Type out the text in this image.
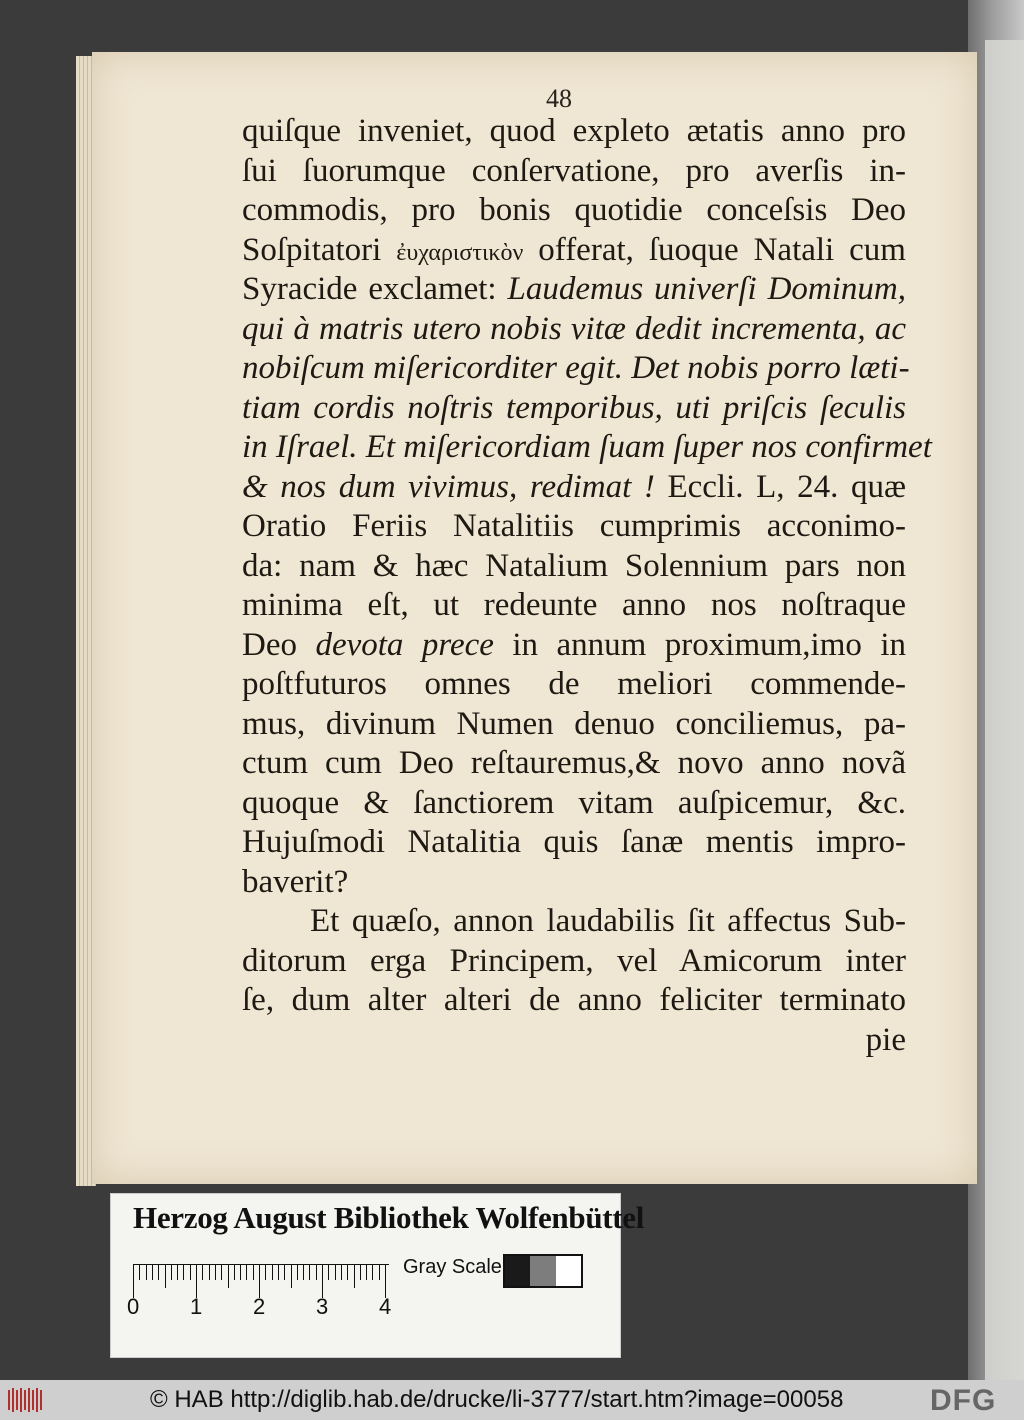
48
quiſque inveniet, quod expleto ætatis anno pro
ſui ſuorumque conſervatione, pro averſis in-
commodis, pro bonis quotidie conceſsis Deo
Soſpitatori ἐυχαριστικὸν offerat, ſuoque Natali cum
Syracide exclamet: Laudemus univerſi Dominum,
qui à matris utero nobis vitæ dedit incrementa, ac
nobiſcum miſericorditer egit. Det nobis porro læti-
tiam cordis noſtris temporibus, uti priſcis ſeculis
in Iſrael. Et miſericordiam ſuam ſuper nos confirmet
& nos dum vivimus, redimat ! Eccli. L, 24. quæ
Oratio Feriis Natalitiis cumprimis acconimo-
da: nam & hæc Natalium Solennium pars non
minima eſt, ut redeunte anno nos noſtraque
Deo devota prece in annum proximum,imo in
poſtfuturos omnes de meliori commende-
mus, divinum Numen denuo conciliemus, pa-
ctum cum Deo reſtauremus,& novo anno novã
quoque & ſanctiorem vitam auſpicemur, &c.
Hujuſmodi Natalitia quis ſanæ mentis impro-
baverit?
Et quæſo, annon laudabilis ſit affectus Sub-
ditorum erga Principem, vel Amicorum inter
ſe, dum alter alteri de anno feliciter terminato
pie
Herzog August Bibliothek Wolfenbüttel
Gray Scale
0 1 2 3 4
© HAB http://diglib.hab.de/drucke/li-3777/start.htm?image=00058	DFG
